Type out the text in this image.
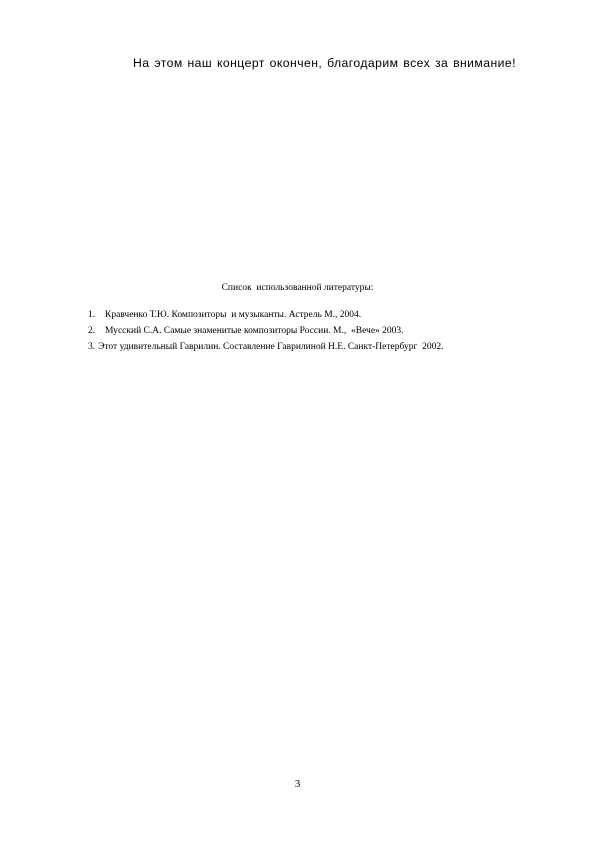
На этом наш концерт окончен, благодарим всех за внимание!
Список  использованной литературы:
1.	Кравченко Т.Ю. Композиторы  и музыканты. Астрель М., 2004.
2.	Мусский С.А. Самые знаменитые композиторы России. М.,  «Вече» 2003.
3. Этот удивительный Гаврилин. Составление Гаврилиной Н.Е. Санкт-Петербург  2002.
3
